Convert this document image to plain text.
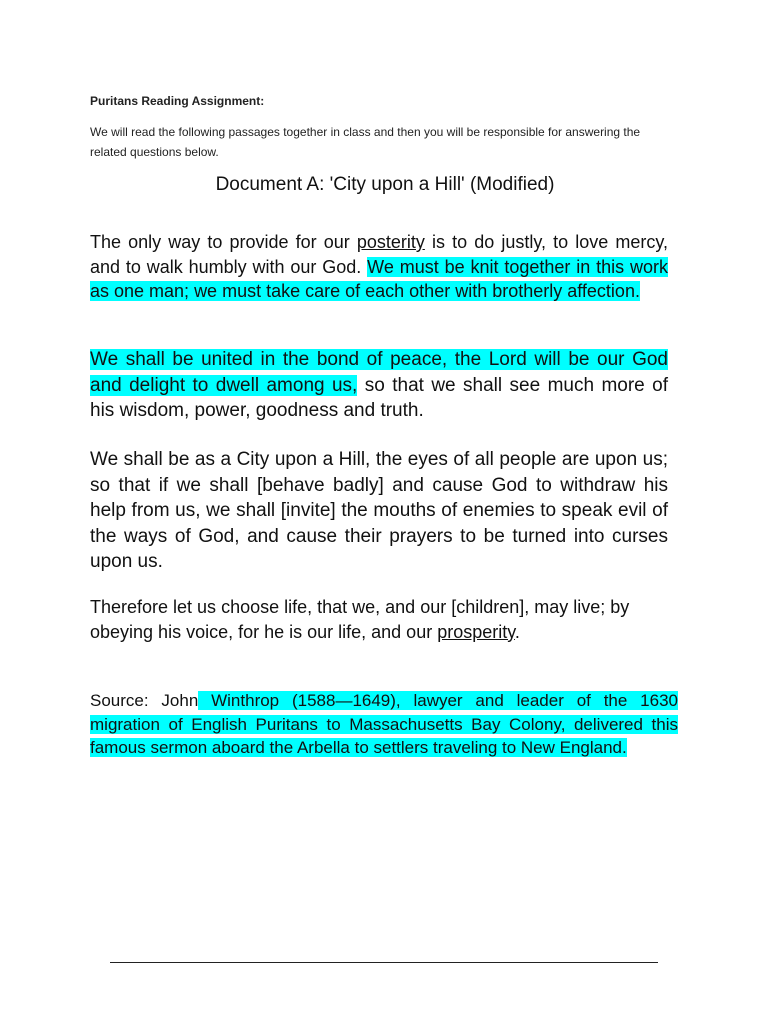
Puritans Reading Assignment:
We will read the following passages together in class and then you will be responsible for answering the related questions below.
Document A: 'City upon a Hill' (Modified)
The only way to provide for our posterity is to do justly, to love mercy, and to walk humbly with our God. We must be knit together in this work as one man; we must take care of each other with brotherly affection.
We shall be united in the bond of peace, the Lord will be our God and delight to dwell among us, so that we shall see much more of his wisdom, power, goodness and truth.
We shall be as a City upon a Hill, the eyes of all people are upon us; so that if we shall [behave badly] and cause God to withdraw his help from us, we shall [invite] the mouths of enemies to speak evil of the ways of God, and cause their prayers to be turned into curses upon us.
Therefore let us choose life, that we, and our [children], may live; by obeying his voice, for he is our life, and our prosperity.
Source: John Winthrop (1588—1649), lawyer and leader of the 1630 migration of English Puritans to Massachusetts Bay Colony, delivered this famous sermon aboard the Arbella to settlers traveling to New England.
